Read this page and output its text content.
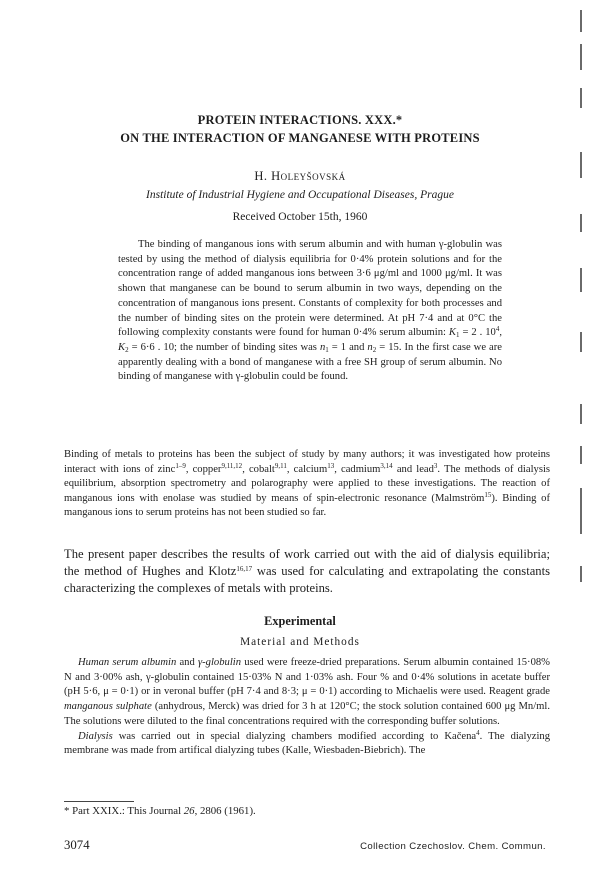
PROTEIN INTERACTIONS. XXX.*
ON THE INTERACTION OF MANGANESE WITH PROTEINS
H. Holeyšovská
Institute of Industrial Hygiene and Occupational Diseases, Prague
Received October 15th, 1960

The binding of manganous ions with serum albumin and with human γ-globulin was tested by using the method of dialysis equilibria for 0·4% protein solutions and for the concentration range of added manganous ions between 3·6 μg/ml and 1000 μg/ml. It was shown that manganese can be bound to serum albumin in two ways, depending on the concentration of manganous ions present. Constants of complexity for both processes and the number of binding sites on the protein were determined. At pH 7·4 and at 0°C the following complexity constants were found for human 0·4% serum albumin: $K_1 = 2$ . $10^4$, $K_2 = 6\cdot 6$ . 10; the number of binding sites was $n_1 = 1$ and $n_2 = 15$. In the first case we are apparently dealing with a bond of manganese with a free SH group of serum albumin. No binding of manganese with γ-globulin could be found.

Binding of metals to proteins has been the subject of study by many authors; it was investigated how proteins interact with ions of zinc$^{1-9}$, copper$^{9,11,12}$, cobalt$^{9,11}$, calcium$^{13}$, cadmium$^{3,14}$ and lead$^3$. The methods of dialysis equilibrium, absorption spectrometry and polarography were applied to these investigations. The reaction of manganous ions with enolase was studied by means of spin-electronic resonance (Malmström$^{15}$). Binding of manganous ions to serum proteins has not been studied so far.

The present paper describes the results of work carried out with the aid of dialysis equilibria; the method of Hughes and Klotz$^{16,17}$ was used for calculating and extrapolating the constants characterizing the complexes of metals with proteins.

Experimental
Material and Methods

Human serum albumin and γ-globulin used were freeze-dried preparations. Serum albumin contained 15·08% N and 3·00% ash, γ-globulin contained 15·03% N and 1·03% ash. Four % and 0·4% solutions in acetate buffer (pH 5·6, μ = 0·1) or in veronal buffer (pH 7·4 and 8·3; μ = 0·1) according to Michaelis were used. Reagent grade manganous sulphate (anhydrous, Merck) was dried for 3 h at 120°C; the stock solution contained 600 μg Mn/ml. The solutions were diluted to the final concentrations required with the corresponding buffer solutions.

Dialysis was carried out in special dialyzing chambers modified according to Kačena$^4$. The dialyzing membrane was made from artifical dialyzing tubes (Kalle, Wiesbaden-Biebrich). The

* Part XXIX.: This Journal 26, 2806 (1961).
3074	Collection Czechoslov. Chem. Commun.
